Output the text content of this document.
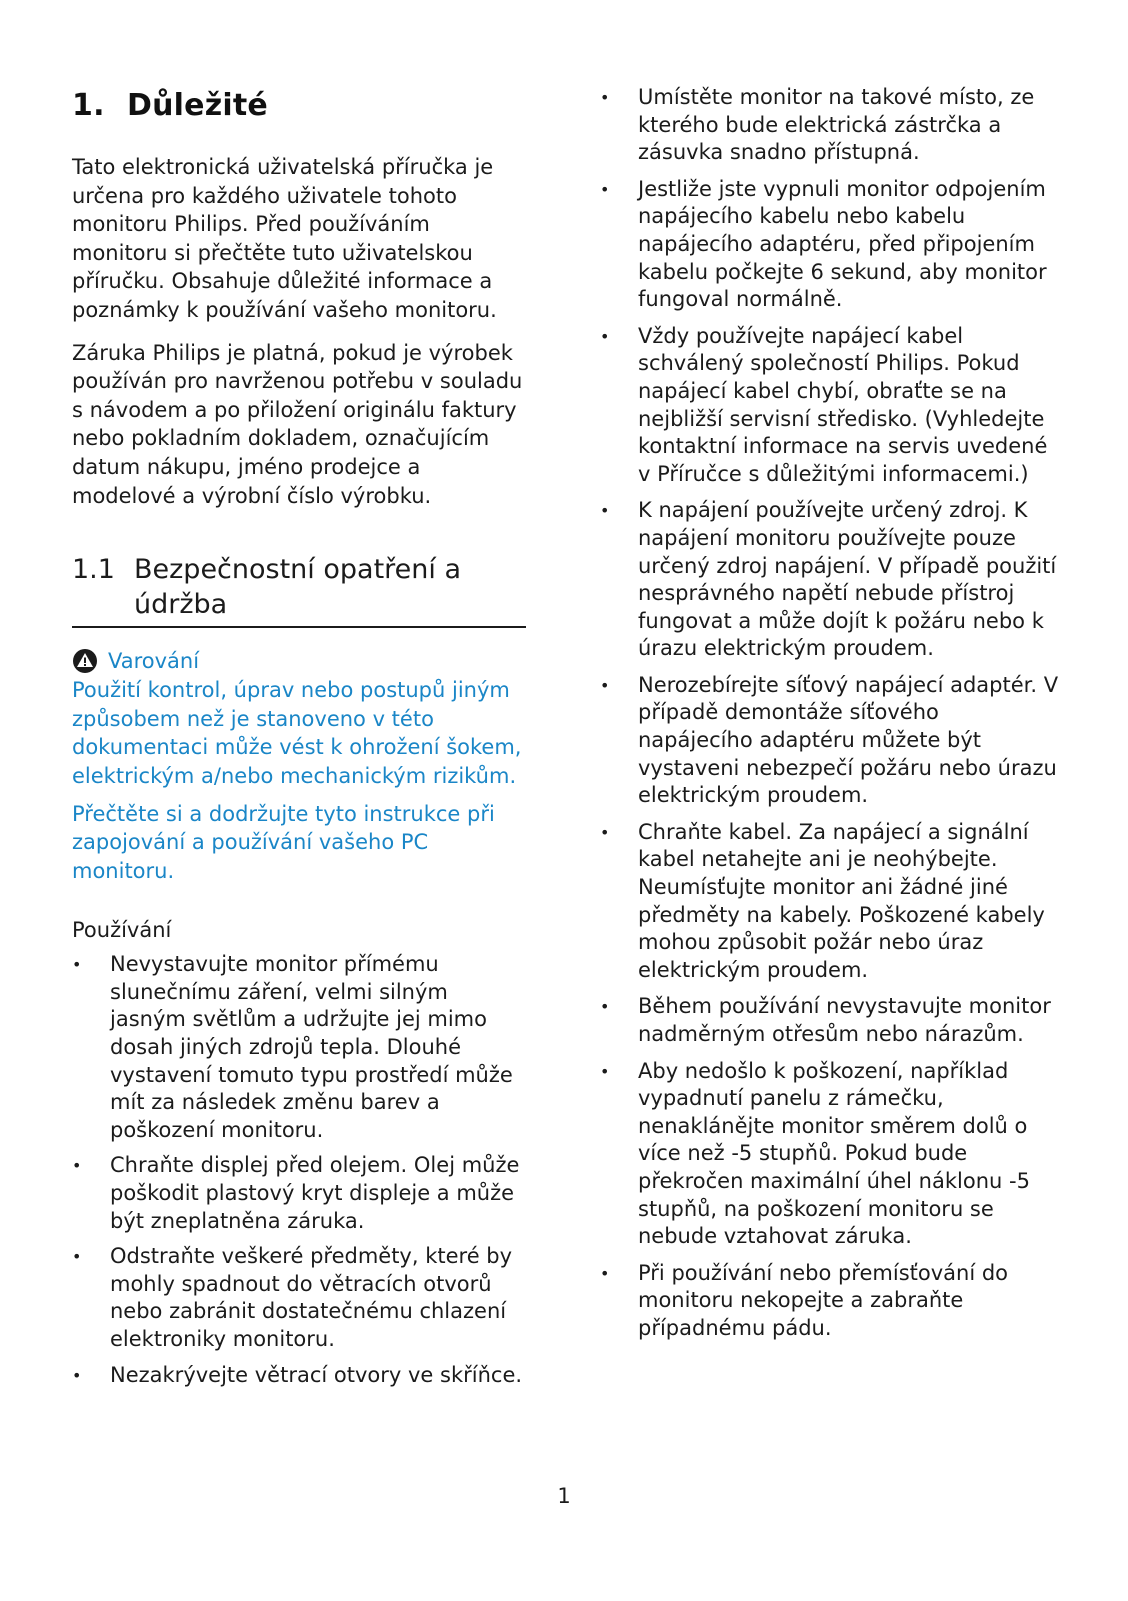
1. Důležité

Tato elektronická uživatelská příručka je určena pro každého uživatele tohoto monitoru Philips. Před používáním monitoru si přečtěte tuto uživatelskou příručku. Obsahuje důležité informace a poznámky k používání vašeho monitoru.

Záruka Philips je platná, pokud je výrobek používán pro navrženou potřebu v souladu s návodem a po přiložení originálu faktury nebo pokladním dokladem, označujícím datum nákupu, jméno prodejce a modelové a výrobní číslo výrobku.

1.1 Bezpečnostní opatření a údržba
Varování

Použití kontrol, úprav nebo postupů jiným způsobem než je stanoveno v této dokumentaci může vést k ohrožení šokem, elektrickým a/nebo mechanickým rizikům.

Přečtěte si a dodržujte tyto instrukce při zapojování a používání vašeho PC monitoru.

Používání
• Nevystavujte monitor přímému slunečnímu záření, velmi silným jasným světlům a udržujte jej mimo dosah jiných zdrojů tepla. Dlouhé vystavení tomuto typu prostředí může mít za následek změnu barev a poškození monitoru.
• Chraňte displej před olejem. Olej může poškodit plastový kryt displeje a může být zneplatněna záruka.
• Odstraňte veškeré předměty, které by mohly spadnout do větracích otvorů nebo zabránit dostatečnému chlazení elektroniky monitoru.
• Nezakrývejte větrací otvory ve skříňce.
• Umístěte monitor na takové místo, ze kterého bude elektrická zástrčka a zásuvka snadno přístupná.
• Jestliže jste vypnuli monitor odpojením napájecího kabelu nebo kabelu napájecího adaptéru, před připojením kabelu počkejte 6 sekund, aby monitor fungoval normálně.
• Vždy používejte napájecí kabel schválený společností Philips. Pokud napájecí kabel chybí, obraťte se na nejbližší servisní středisko. (Vyhledejte kontaktní informace na servis uvedené v Příručce s důležitými informacemi.)
• K napájení používejte určený zdroj. K napájení monitoru používejte pouze určený zdroj napájení. V případě použití nesprávného napětí nebude přístroj fungovat a může dojít k požáru nebo k úrazu elektrickým proudem.
• Nerozebírejte síťový napájecí adaptér. V případě demontáže síťového napájecího adaptéru můžete být vystaveni nebezpečí požáru nebo úrazu elektrickým proudem.
• Chraňte kabel. Za napájecí a signální kabel netahejte ani je neohýbejte. Neumísťujte monitor ani žádné jiné předměty na kabely. Poškozené kabely mohou způsobit požár nebo úraz elektrickým proudem.
• Během používání nevystavujte monitor nadměrným otřesům nebo nárazům.
• Aby nedošlo k poškození, například vypadnutí panelu z rámečku, nenaklánějte monitor směrem dolů o více než -5 stupňů. Pokud bude překročen maximální úhel náklonu -5 stupňů, na poškození monitoru se nebude vztahovat záruka.
• Při používání nebo přemísťování do monitoru nekopejte a zabraňte případnému pádu.
1
